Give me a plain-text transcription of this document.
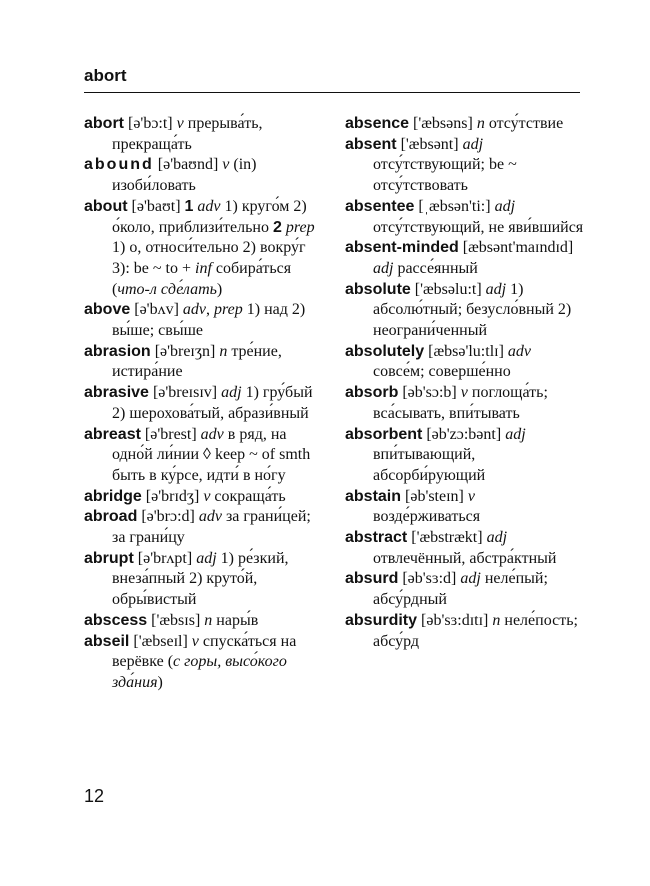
abort

abort [ə'bɔ:t] v прерыва́ть, прекраща́ть

abound [ə'baʊnd] v (in) изоби́ловать

about [ə'baʊt] 1 adv 1) круго́м 2) о́коло, приблизи́тельно 2 prep 1) о, относи́тельно 2) вокру́г 3): be ~ to + inf собира́ться (что-л сде́лать)

above [ə'bʌv] adv, prep 1) над 2) вы́ше; свы́ше

abrasion [ə'breɪʒn] n тре́ние, истира́ние

abrasive [ə'breɪsɪv] adj 1) гру́бый 2) шерохова́тый, абрази́вный

abreast [ə'brest] adv в ряд, на одно́й ли́нии ◊ keep ~ of smth быть в ку́рсе, идти́ в но́гу

abridge [ə'brɪdʒ] v сокраща́ть

abroad [ə'brɔ:d] adv за грани́цей; за грани́цу

abrupt [ə'brʌpt] adj 1) ре́зкий, внеза́пный 2) круто́й, обры́вистый

abscess ['æbsɪs] n нары́в

abseil ['æbseɪl] v спуска́ться на верёвке (с горы, высо́кого зда́ния)

absence ['æbsəns] n отсу́тствие

absent ['æbsənt] adj отсу́тствующий; be ~ отсу́тствовать

absentee [ˌæbsən'ti:] adj отсу́тствующий, не яви́вшийся

absent-minded [æbsənt'maɪndɪd] adj рассе́янный

absolute ['æbsəlu:t] adj 1) абсолю́тный; безусло́вный 2) неограни́ченный

absolutely [æbsə'lu:tlɪ] adv совсе́м; соверше́нно

absorb [əb'sɔ:b] v поглоща́ть; вса́сывать, впи́тывать

absorbent [əb'zɔ:bənt] adj впи́тывающий, абсорби́рующий

abstain [əb'steɪn] v возде́рживаться

abstract ['æbstrækt] adj отвлечённый, абстра́ктный

absurd [əb'sɜ:d] adj неле́пый; абсу́рдный

absurdity [əb'sɜ:dɪtɪ] n неле́пость; абсу́рд

12
